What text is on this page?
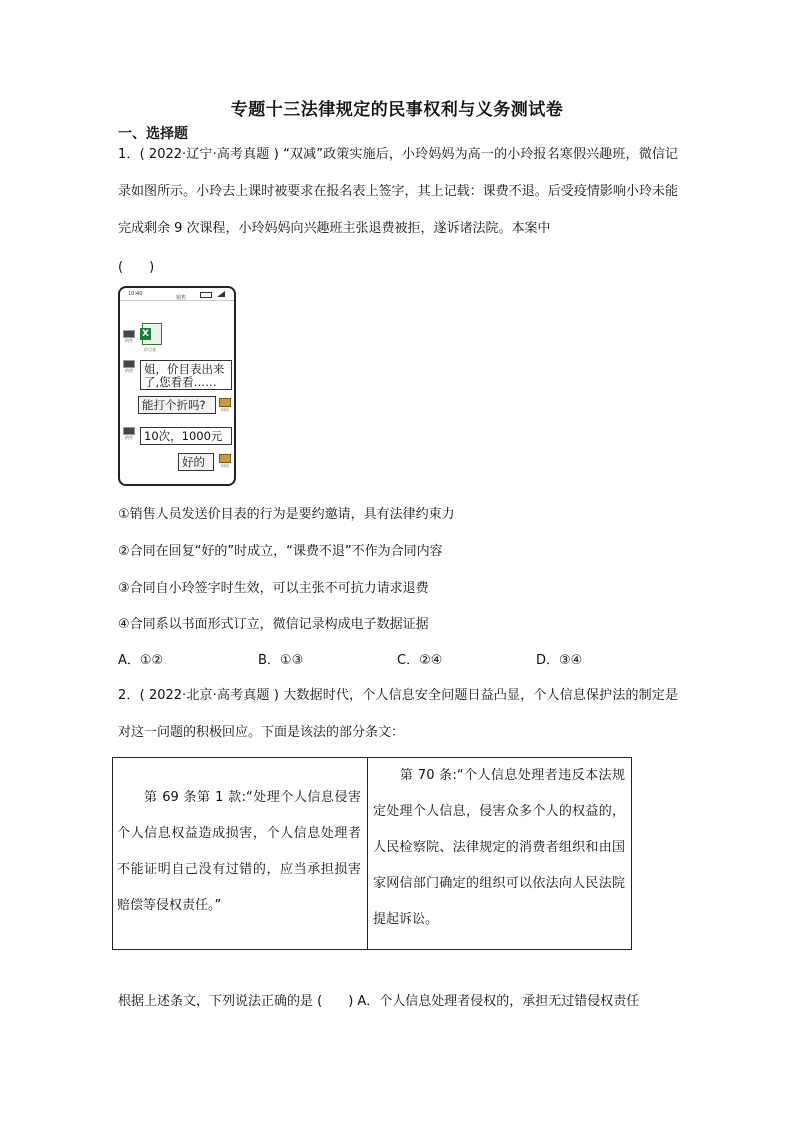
专题十三法律规定的民事权利与义务测试卷
一、选择题
1．( 2022·辽宁·高考真题 ) “双减”政策实施后，小玲妈妈为高一的小玲报名寒假兴趣班，微信记录如图所示。小玲去上课时被要求在报名表上签字，其上记载：课费不退。后受疫情影响小玲未能完成剩余 9 次课程，小玲妈妈向兴趣班主张退费被拒，遂诉诸法院。本案中
(　　)
10:40
销售
销售
X
价目表
销售 姐，价目表出来了,您看看……
能打个折吗?	妈妈
销售 10次，1000元
好的	妈妈
①销售人员发送价目表的行为是要约邀请，具有法律约束力
②合同在回复“好的”时成立，“课费不退”不作为合同内容
③合同自小玲签字时生效，可以主张不可抗力请求退费
④合同系以书面形式订立，微信记录构成电子数据证据
A．①②	B．①③	C．②④	D．③④
2．( 2022·北京·高考真题 ) 大数据时代，个人信息安全问题日益凸显，个人信息保护法的制定是对这一问题的积极回应。下面是该法的部分条文：
　　第 69 条第 1 款:“处理个人信息侵害个人信息权益造成损害，个人信息处理者不能证明自己没有过错的，应当承担损害赔偿等侵权责任。”
　　第 70 条:“个人信息处理者违反本法规定处理个人信息，侵害众多个人的权益的，人民检察院、法律规定的消费者组织和由国家网信部门确定的组织可以依法向人民法院提起诉讼。
根据上述条文，下列说法正确的是 (　　) A．个人信息处理者侵权的，承担无过错侵权责任
